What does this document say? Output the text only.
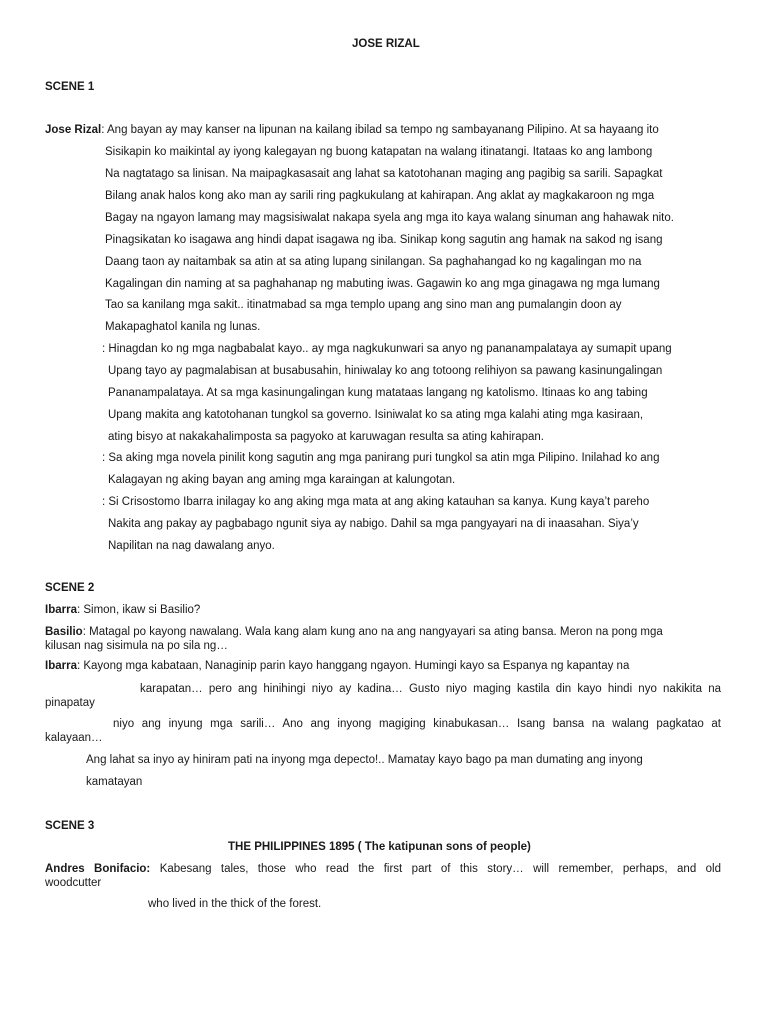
JOSE RIZAL
SCENE 1
Jose Rizal: Ang bayan ay may kanser na lipunan na kailang ibilad sa tempo ng sambayanang Pilipino. At sa hayaang ito
Sisikapin ko maikintal ay iyong kalegayan ng buong katapatan na walang itinatangi. Itataas ko ang lambong
Na nagtatago sa linisan. Na maipagkasasait ang lahat sa katotohanan maging ang pagibig sa sarili. Sapagkat
Bilang anak halos kong ako man ay sarili ring pagkukulang at kahirapan. Ang aklat ay magkakaroon ng mga
Bagay na ngayon lamang may magsisiwalat nakapa syela ang mga ito kaya walang sinuman ang hahawak nito.
Pinagsikatan ko isagawa ang hindi dapat isagawa ng iba. Sinikap kong sagutin ang hamak na sakod ng isang
Daang taon ay naitambak sa atin at sa ating lupang sinilangan. Sa paghahangad ko ng kagalingan mo na
Kagalingan din naming at sa paghahanap ng mabuting iwas. Gagawin ko ang mga ginagawa ng mga lumang
Tao sa kanilang mga sakit.. itinatmabad sa mga templo upang ang sino man ang pumalangin doon ay
Makapaghatol kanila ng lunas.
: Hinagdan ko ng mga nagbabalat kayo.. ay mga nagkukunwari sa anyo ng pananampalataya ay sumapit upang
Upang tayo ay pagmalabisan at busabusahin, hiniwalay ko ang totoong relihiyon sa pawang kasinungalingan
Pananampalataya. At sa mga kasinungalingan kung matataas langang ng katolismo. Itinaas ko ang tabing
Upang makita ang katotohanan tungkol sa governo. Isiniwalat ko sa ating mga kalahi ating mga kasiraan,
ating bisyo at nakakahalimposta sa pagyoko at karuwagan resulta sa ating kahirapan.
: Sa aking mga novela pinilit kong sagutin ang mga panirang puri tungkol sa atin mga Pilipino. Inilahad ko ang
Kalagayan ng aking bayan ang aming mga karaingan at kalungotan.
: Si Crisostomo Ibarra inilagay ko ang aking mga mata at ang aking katauhan sa kanya. Kung kaya’t pareho
Nakita ang pakay ay pagbabago ngunit siya ay nabigo. Dahil sa mga pangyayari na di inaasahan. Siya’y
Napilitan na nag dawalang anyo.
SCENE 2
Ibarra: Simon, ikaw si Basilio?
Basilio: Matagal po kayong nawalang. Wala kang alam kung ano na ang nangyayari sa ating bansa. Meron na pong mga
kilusan nag sisimula na po sila ng…
Ibarra: Kayong mga kabataan, Nanaginip parin kayo hanggang ngayon. Humingi kayo sa Espanya ng kapantay na
karapatan… pero ang hinihingi niyo ay kadina… Gusto niyo maging kastila din kayo hindi nyo nakikita na
pinapatay
niyo ang inyung mga sarili… Ano ang inyong magiging kinabukasan… Isang bansa na walang pagkatao at
kalayaan…
Ang lahat sa inyo ay hiniram pati na inyong mga depecto!.. Mamatay kayo bago pa man dumating ang inyong
kamatayan
SCENE 3
THE PHILIPPINES 1895 ( The katipunan sons of people)
Andres Bonifacio: Kabesang tales, those who read the first part of this story… will remember, perhaps, and old
woodcutter
who lived in the thick of the forest.
